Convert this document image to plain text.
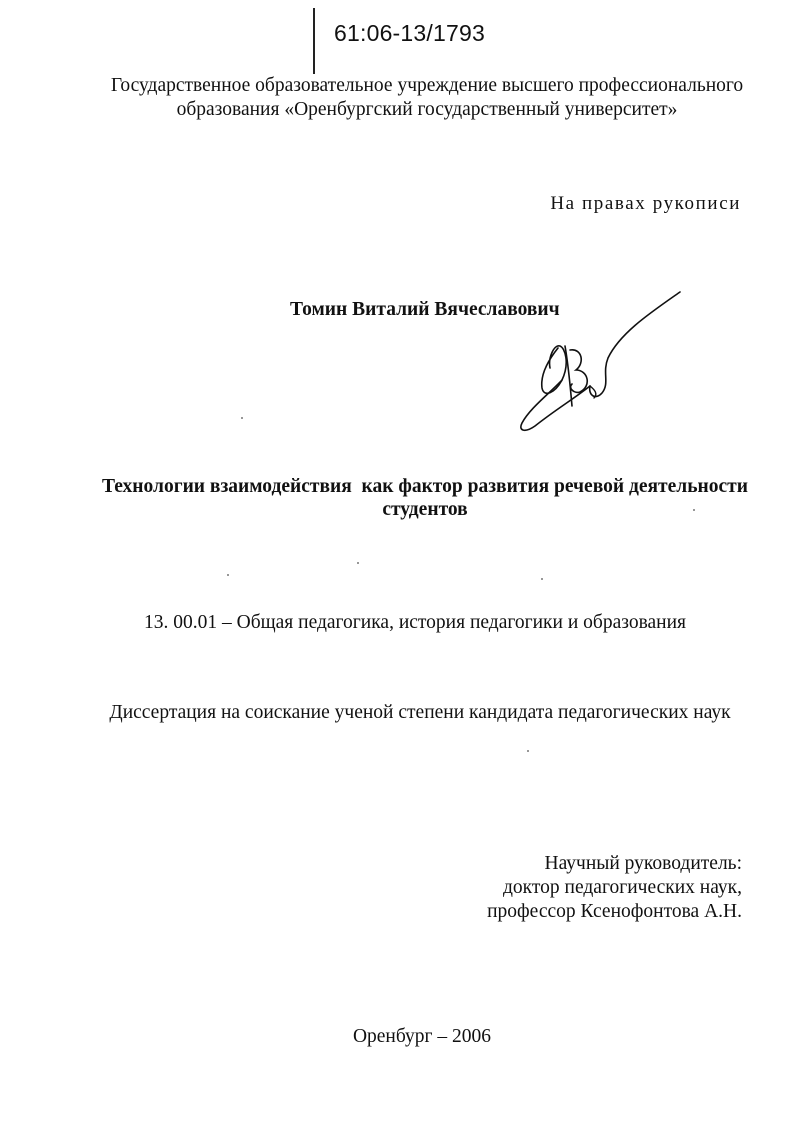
61:06-13/1793
Государственное образовательное учреждение высшего профессионального
образования «Оренбургский государственный университет»
На правах рукописи
Томин Виталий Вячеславович
Технологии взаимодействия  как фактор развития речевой деятельности
студентов
13. 00.01 – Общая педагогика, история педагогики и образования
Диссертация на соискание ученой степени кандидата педагогических наук
Научный руководитель:
доктор педагогических наук,
профессор Ксенофонтова А.Н.
Оренбург – 2006
